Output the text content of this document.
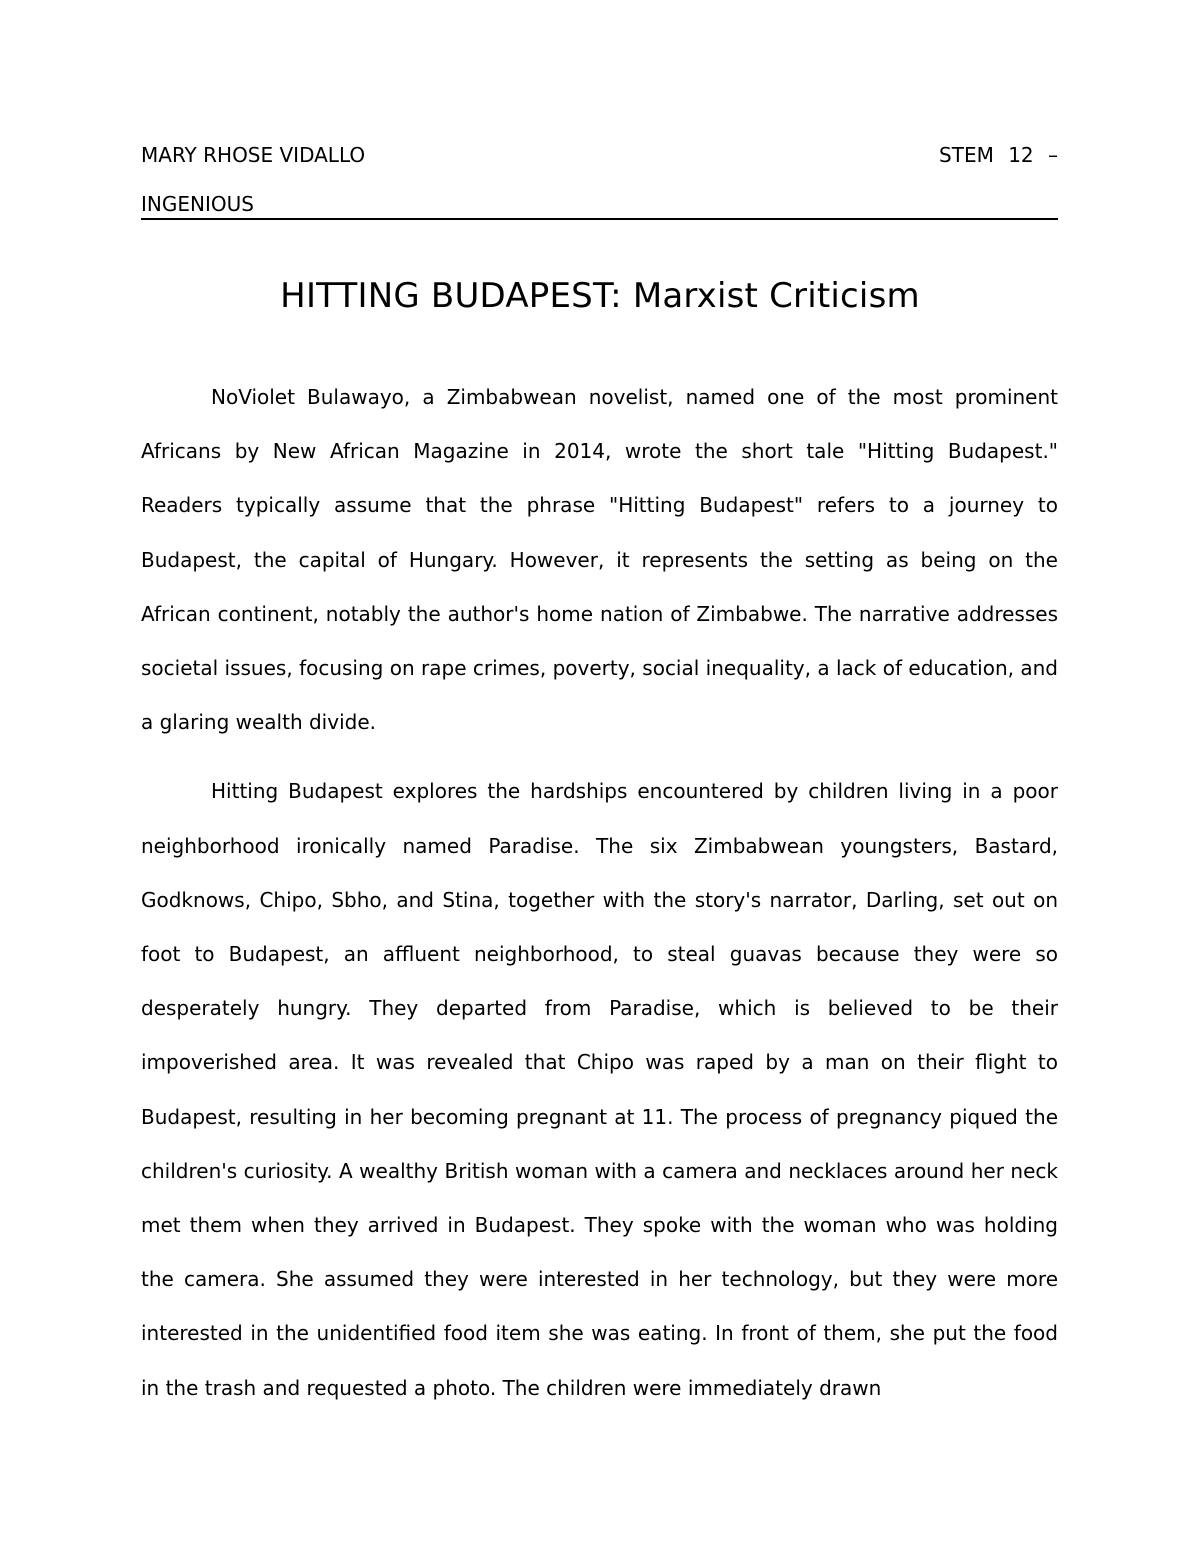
MARY RHOSE VIDALLO	STEM 12 –
INGENIOUS
HITTING BUDAPEST: Marxist Criticism

NoViolet Bulawayo, a Zimbabwean novelist, named one of the most prominent Africans by New African Magazine in 2014, wrote the short tale "Hitting Budapest." Readers typically assume that the phrase "Hitting Budapest" refers to a journey to Budapest, the capital of Hungary. However, it represents the setting as being on the African continent, notably the author's home nation of Zimbabwe. The narrative addresses societal issues, focusing on rape crimes, poverty, social inequality, a lack of education, and a glaring wealth divide.

Hitting Budapest explores the hardships encountered by children living in a poor neighborhood ironically named Paradise. The six Zimbabwean youngsters, Bastard, Godknows, Chipo, Sbho, and Stina, together with the story's narrator, Darling, set out on foot to Budapest, an affluent neighborhood, to steal guavas because they were so desperately hungry. They departed from Paradise, which is believed to be their impoverished area. It was revealed that Chipo was raped by a man on their flight to Budapest, resulting in her becoming pregnant at 11. The process of pregnancy piqued the children's curiosity. A wealthy British woman with a camera and necklaces around her neck met them when they arrived in Budapest. They spoke with the woman who was holding the camera. She assumed they were interested in her technology, but they were more interested in the unidentified food item she was eating. In front of them, she put the food in the trash and requested a photo. The children were immediately drawn
